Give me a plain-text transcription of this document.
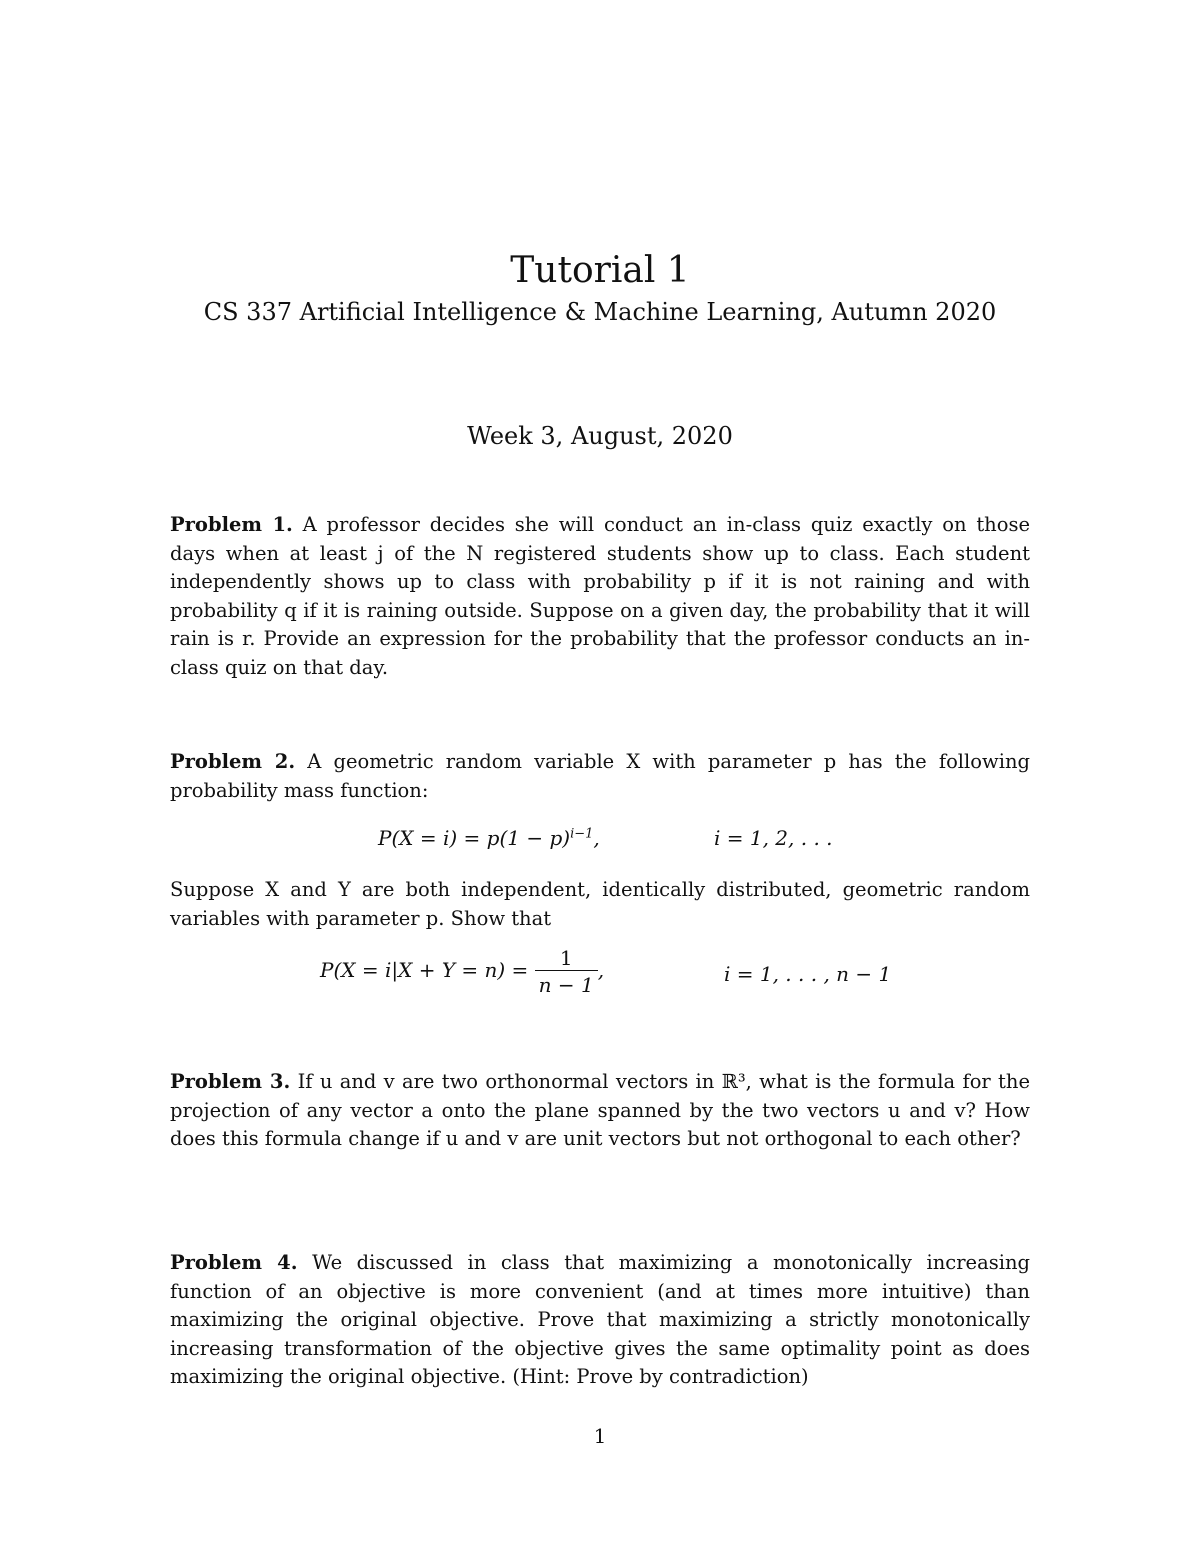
Tutorial 1
CS 337 Artificial Intelligence & Machine Learning, Autumn 2020
Week 3, August, 2020
Problem 1. A professor decides she will conduct an in-class quiz exactly on those days when at least j of the N registered students show up to class. Each student independently shows up to class with probability p if it is not raining and with probability q if it is raining outside. Suppose on a given day, the probability that it will rain is r. Provide an expression for the probability that the professor conducts an in-class quiz on that day.
Problem 2. A geometric random variable X with parameter p has the following probability mass function:
$P(X = i) = p(1 - p)^{i-1}$,	i = 1, 2, . . .
Suppose X and Y are both independent, identically distributed, geometric random variables with parameter p. Show that
$P(X = i|X + Y = n) = \frac{1}{n - 1}$ ,	i = 1, . . . , n − 1
Problem 3. If u and v are two orthonormal vectors in ℝ³, what is the formula for the projection of any vector a onto the plane spanned by the two vectors u and v? How does this formula change if u and v are unit vectors but not orthogonal to each other?
Problem 4. We discussed in class that maximizing a monotonically increasing function of an objective is more convenient (and at times more intuitive) than maximizing the original objective. Prove that maximizing a strictly monotonically increasing transformation of the objective gives the same optimality point as does maximizing the original objective. (Hint: Prove by contradiction)
1
